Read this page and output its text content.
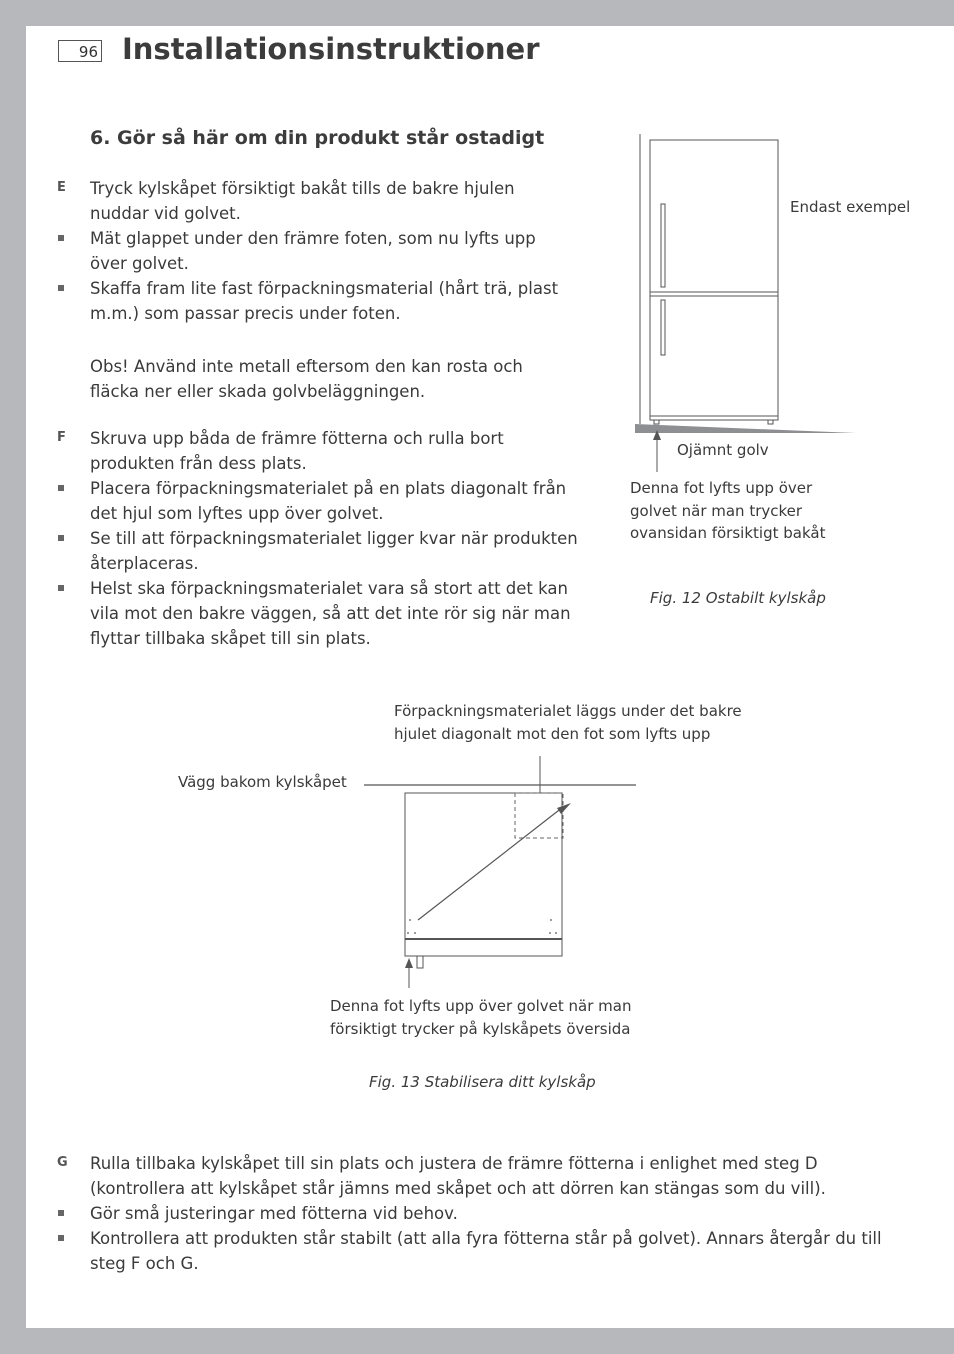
96 Installationsinstruktioner
6. Gör så här om din produkt står ostadigt
E Tryck kylskåpet försiktigt bakåt tills de bakre hjulen
nuddar vid golvet.
Mät glappet under den främre foten, som nu lyfts upp
över golvet.
Skaffa fram lite fast förpackningsmaterial (hårt trä, plast
m.m.) som passar precis under foten.
Obs! Använd inte metall eftersom den kan rosta och
fläcka ner eller skada golvbeläggningen.
F Skruva upp båda de främre fötterna och rulla bort
produkten från dess plats.
Placera förpackningsmaterialet på en plats diagonalt från
det hjul som lyftes upp över golvet.
Se till att förpackningsmaterialet ligger kvar när produkten
återplaceras.
Helst ska förpackningsmaterialet vara så stort att det kan
vila mot den bakre väggen, så att det inte rör sig när man
flyttar tillbaka skåpet till sin plats.
Endast exempel
Ojämnt golv
Denna fot lyfts upp över
golvet när man trycker
ovansidan försiktigt bakåt
Fig. 12 Ostabilt kylskåp
Förpackningsmaterialet läggs under det bakre
hjulet diagonalt mot den fot som lyfts upp
Vägg bakom kylskåpet
Denna fot lyfts upp över golvet när man
försiktigt trycker på kylskåpets översida
Fig. 13 Stabilisera ditt kylskåp
G Rulla tillbaka kylskåpet till sin plats och justera de främre fötterna i enlighet med steg D
(kontrollera att kylskåpet står jämns med skåpet och att dörren kan stängas som du vill).
Gör små justeringar med fötterna vid behov.
Kontrollera att produkten står stabilt (att alla fyra fötterna står på golvet). Annars återgår du till
steg F och G.
